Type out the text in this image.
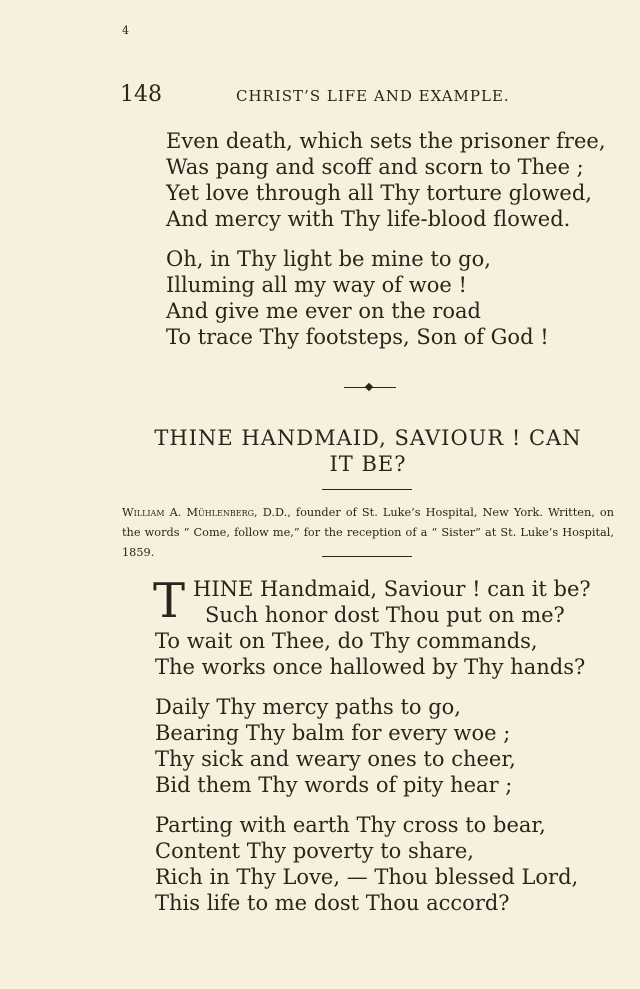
4
148	CHRIST’S LIFE AND EXAMPLE.
Even death, which sets the prisoner free,
Was pang and scoff and scorn to Thee ;
Yet love through all Thy torture glowed,
And mercy with Thy life-blood flowed.
Oh, in Thy light be mine to go,
Illuming all my way of woe !
And give me ever on the road
To trace Thy footsteps, Son of God !
THINE HANDMAID, SAVIOUR ! CAN
IT BE?
William A. Mühlenberg, D.D., founder of St. Luke’s Hospital, New York. Written, on the words “ Come, follow me,” for the reception of a “ Sister” at St. Luke’s Hospital, 1859.
T HINE Handmaid, Saviour ! can it be?
Such honor dost Thou put on me?
To wait on Thee, do Thy commands,
The works once hallowed by Thy hands?
Daily Thy mercy paths to go,
Bearing Thy balm for every woe ;
Thy sick and weary ones to cheer,
Bid them Thy words of pity hear ;
Parting with earth Thy cross to bear,
Content Thy poverty to share,
Rich in Thy Love, — Thou blessed Lord,
This life to me dost Thou accord?
